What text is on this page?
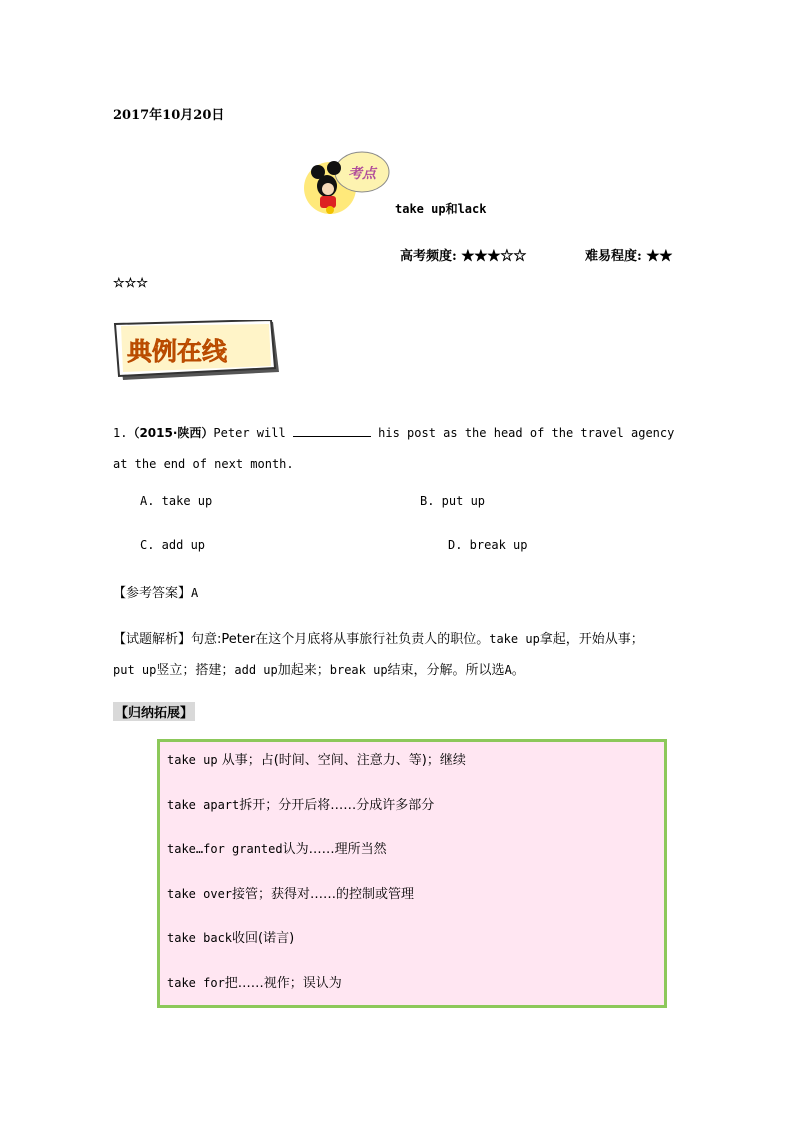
2017年10月20日
考点
take up和lack
高考频度: ★★★☆☆	难易程度: ★★
☆☆☆
典例在线
1.（2015·陕西）Peter will	his post as the head of the travel agency at the end of next month.
A. take up	B. put up
C. add up	D. break up
【参考答案】A
【试题解析】句意:Peter在这个月底将从事旅行社负责人的职位。take up拿起，开始从事；
put up竖立；搭建；add up加起来；break up结束，分解。所以选A。
【归纳拓展】
take up 从事；占(时间、空间、注意力、等)；继续
take apart拆开；分开后将……分成许多部分
take…for granted认为……理所当然
take over接管；获得对……的控制或管理
take back收回(诺言)
take for把……视作；误认为
